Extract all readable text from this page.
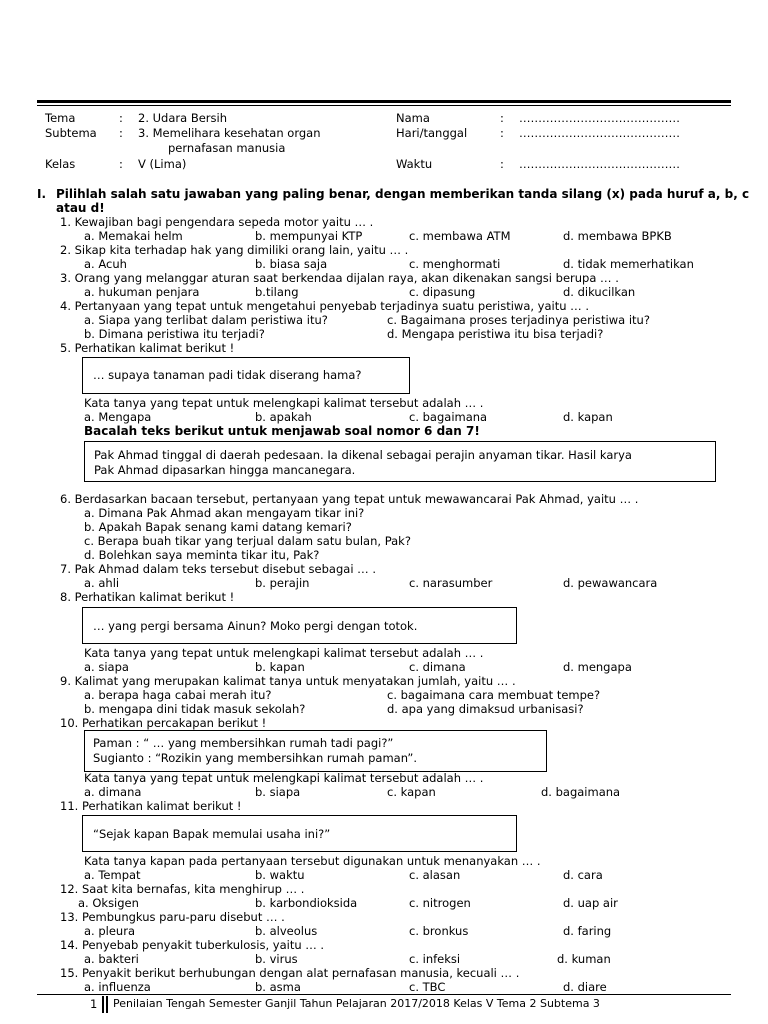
Tema	: 2. Udara Bersih
Subtema : 3. Memelihara kesehatan organ
pernafasan manusia
Kelas	: V (Lima)
Nama	: ……………………………………
Hari/tanggal	: ……………………………………
Waktu	: ……………………………………
I. Pilihlah salah satu jawaban yang paling benar, dengan memberikan tanda silang (x) pada huruf a, b, c
atau d!
1. Kewajiban bagi pengendara sepeda motor yaitu … .
a. Memakai helm	b. mempunyai KTP	c. membawa ATM	d. membawa BPKB
2. Sikap kita terhadap hak yang dimiliki orang lain, yaitu … .
a. Acuh	b. biasa saja	c. menghormati	d. tidak memerhatikan
3. Orang yang melanggar aturan saat berkendaa dijalan raya, akan dikenakan sangsi berupa … .
a. hukuman penjara	b.tilang	c. dipasung	d. dikucilkan
4. Pertanyaan yang tepat untuk mengetahui penyebab terjadinya suatu peristiwa, yaitu … .
a. Siapa yang terlibat dalam peristiwa itu?	c. Bagaimana proses terjadinya peristiwa itu?
b. Dimana peristiwa itu terjadi?	d. Mengapa peristiwa itu bisa terjadi?
5. Perhatikan kalimat berikut !
… supaya tanaman padi tidak diserang hama?
Kata tanya yang tepat untuk melengkapi kalimat tersebut adalah … .
a. Mengapa	b. apakah	c. bagaimana	d. kapan
Bacalah teks berikut untuk menjawab soal nomor 6 dan 7!
Pak Ahmad tinggal di daerah pedesaan. Ia dikenal sebagai perajin anyaman tikar. Hasil karya
Pak Ahmad dipasarkan hingga mancanegara.
6. Berdasarkan bacaan tersebut, pertanyaan yang tepat untuk mewawancarai Pak Ahmad, yaitu … .
a. Dimana Pak Ahmad akan mengayam tikar ini?
b. Apakah Bapak senang kami datang kemari?
c. Berapa buah tikar yang terjual dalam satu bulan, Pak?
d. Bolehkan saya meminta tikar itu, Pak?
7. Pak Ahmad dalam teks tersebut disebut sebagai … .
a. ahli	b. perajin	c. narasumber	d. pewawancara
8. Perhatikan kalimat berikut !
… yang pergi bersama Ainun? Moko pergi dengan totok.
Kata tanya yang tepat untuk melengkapi kalimat tersebut adalah … .
a. siapa	b. kapan	c. dimana	d. mengapa
9. Kalimat yang merupakan kalimat tanya untuk menyatakan jumlah, yaitu … .
a. berapa haga cabai merah itu?	c. bagaimana cara membuat tempe?
b. mengapa dini tidak masuk sekolah?	d. apa yang dimaksud urbanisasi?
10. Perhatikan percakapan berikut !
Paman : “ … yang membersihkan rumah tadi pagi?”
Sugianto : “Rozikin yang membersihkan rumah paman”.
Kata tanya yang tepat untuk melengkapi kalimat tersebut adalah … .
a. dimana	b. siapa	c. kapan	d. bagaimana
11. Perhatikan kalimat berikut !
“Sejak kapan Bapak memulai usaha ini?”
Kata tanya kapan pada pertanyaan tersebut digunakan untuk menanyakan … .
a. Tempat	b. waktu	c. alasan	d. cara
12. Saat kita bernafas, kita menghirup … .
a. Oksigen	b. karbondioksida	c. nitrogen	d. uap air
13. Pembungkus paru-paru disebut … .
a. pleura	b. alveolus	c. bronkus	d. faring
14. Penyebab penyakit tuberkulosis, yaitu … .
a. bakteri	b. virus	c. infeksi	d. kuman
15. Penyakit berikut berhubungan dengan alat pernafasan manusia, kecuali … .
a. influenza	b. asma	c. TBC	d. diare
1 Penilaian Tengah Semester Ganjil Tahun Pelajaran 2017/2018 Kelas V Tema 2 Subtema 3
